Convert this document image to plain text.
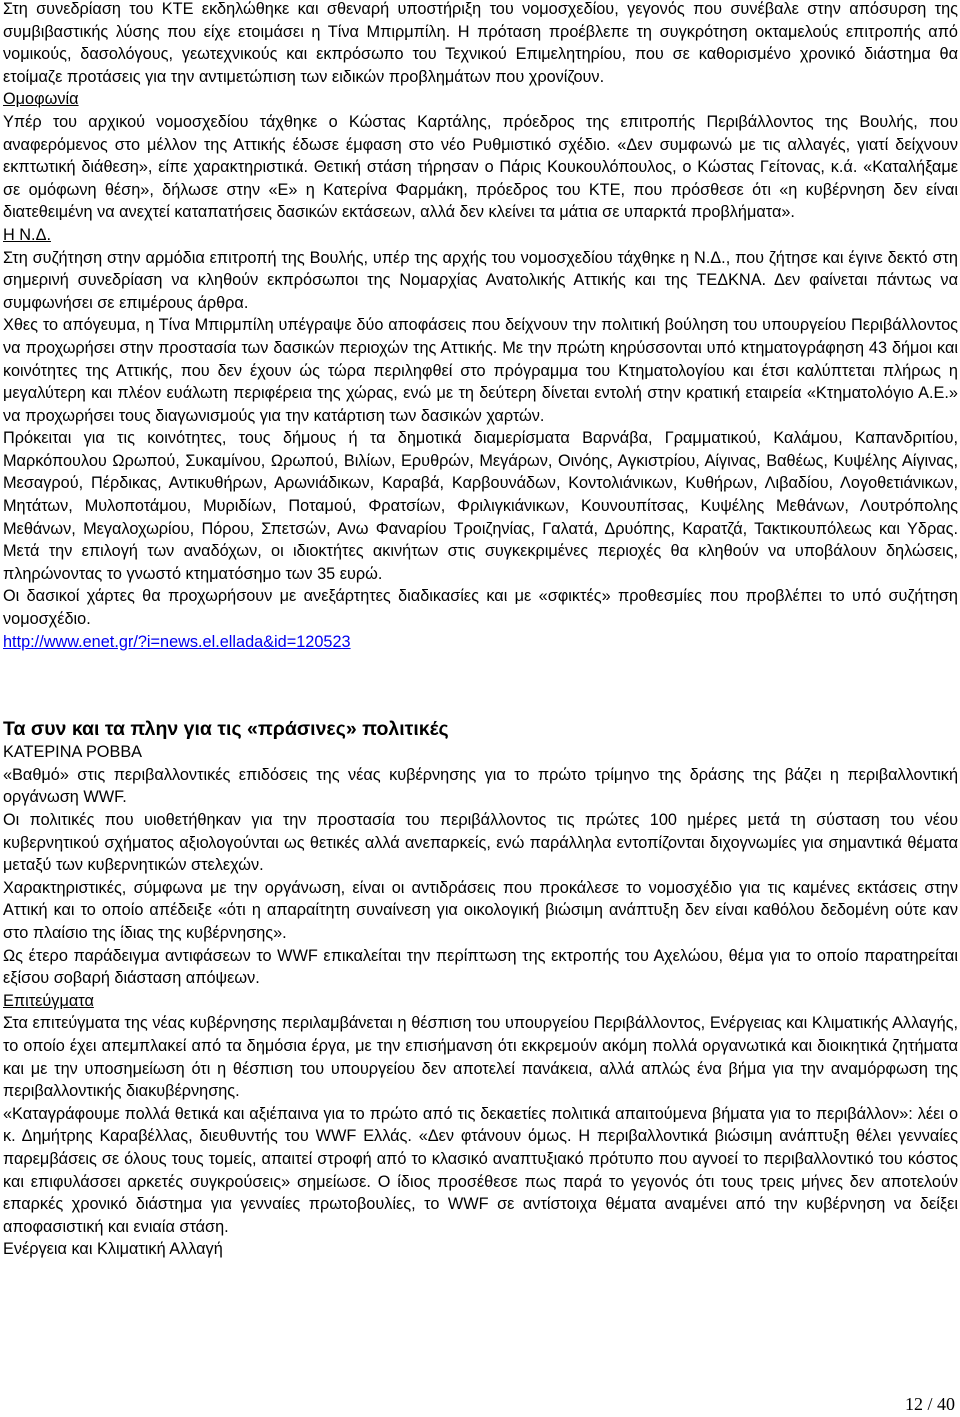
Στη συνεδρίαση του ΚΤΕ εκδηλώθηκε και σθεναρή υποστήριξη του νομοσχεδίου, γεγονός που συνέβαλε στην απόσυρση της συμβιβαστικής λύσης που είχε ετοιμάσει η Τίνα Μπιρμπίλη. Η πρόταση προέβλεπε τη συγκρότηση οκταμελούς επιτροπής από νομικούς, δασολόγους, γεωτεχνικούς και εκπρόσωπο του Τεχνικού Επιμελητηρίου, που σε καθορισμένο χρονικό διάστημα θα ετοίμαζε προτάσεις για την αντιμετώπιση των ειδικών προβλημάτων που χρονίζουν.

Ομοφωνία

Υπέρ του αρχικού νομοσχεδίου τάχθηκε ο Κώστας Καρτάλης, πρόεδρος της επιτροπής Περιβάλλοντος της Βουλής, που αναφερόμενος στο μέλλον της Αττικής έδωσε έμφαση στο νέο Ρυθμιστικό σχέδιο. «Δεν συμφωνώ με τις αλλαγές, γιατί δείχνουν εκπτωτική διάθεση», είπε χαρακτηριστικά. Θετική στάση τήρησαν ο Πάρις Κουκουλόπουλος, ο Κώστας Γείτονας, κ.ά. «Καταλήξαμε σε ομόφωνη θέση», δήλωσε στην «Ε» η Κατερίνα Φαρμάκη, πρόεδρος του ΚΤΕ, που πρόσθεσε ότι «η κυβέρνηση δεν είναι διατεθειμένη να ανεχτεί καταπατήσεις δασικών εκτάσεων, αλλά δεν κλείνει τα μάτια σε υπαρκτά προβλήματα».

Η Ν.Δ.

Στη συζήτηση στην αρμόδια επιτροπή της Βουλής, υπέρ της αρχής του νομοσχεδίου τάχθηκε η Ν.Δ., που ζήτησε και έγινε δεκτό στη σημερινή συνεδρίαση να κληθούν εκπρόσωποι της Νομαρχίας Ανατολικής Αττικής και της ΤΕΔΚΝΑ. Δεν φαίνεται πάντως να συμφωνήσει σε επιμέρους άρθρα.

Χθες το απόγευμα, η Τίνα Μπιρμπίλη υπέγραψε δύο αποφάσεις που δείχνουν την πολιτική βούληση του υπουργείου Περιβάλλοντος να προχωρήσει στην προστασία των δασικών περιοχών της Αττικής. Με την πρώτη κηρύσσονται υπό κτηματογράφηση 43 δήμοι και κοινότητες της Αττικής, που δεν έχουν ώς τώρα περιληφθεί στο πρόγραμμα του Κτηματολογίου και έτσι καλύπτεται πλήρως η μεγαλύτερη και πλέον ευάλωτη περιφέρεια της χώρας, ενώ με τη δεύτερη δίνεται εντολή στην κρατική εταιρεία «Κτηματολόγιο Α.Ε.» να προχωρήσει τους διαγωνισμούς για την κατάρτιση των δασικών χαρτών.

Πρόκειται για τις κοινότητες, τους δήμους ή τα δημοτικά διαμερίσματα Βαρνάβα, Γραμματικού, Καλάμου, Καπανδριτίου, Μαρκόπουλου Ωρωπού, Συκαμίνου, Ωρωπού, Βιλίων, Ερυθρών, Μεγάρων, Οινόης, Αγκιστρίου, Αίγινας, Βαθέως, Κυψέλης Αίγινας, Μεσαγρού, Πέρδικας, Αντικυθήρων, Αρωνιάδικων, Καραβά, Καρβουνάδων, Κοντολιάνικων, Κυθήρων, Λιβαδίου, Λογοθετιάνικων, Μητάτων, Μυλοποτάμου, Μυριδίων, Ποταμού, Φρατσίων, Φριλιγκιάνικων, Κουνουπίτσας, Κυψέλης Μεθάνων, Λουτρόπολης Μεθάνων, Μεγαλοχωρίου, Πόρου, Σπετσών, Ανω Φαναρίου Τροιζηνίας, Γαλατά, Δρυόπης, Καρατζά, Τακτικουπόλεως και Υδρας. Μετά την επιλογή των αναδόχων, οι ιδιοκτήτες ακινήτων στις συγκεκριμένες περιοχές θα κληθούν να υποβάλουν δηλώσεις, πληρώνοντας το γνωστό κτηματόσημο των 35 ευρώ.

Οι δασικοί χάρτες θα προχωρήσουν με ανεξάρτητες διαδικασίες και με «σφικτές» προθεσμίες που προβλέπει το υπό συζήτηση νομοσχέδιο.

http://www.enet.gr/?i=news.el.ellada&id=120523

Τα συν και τα πλην για τις «πράσινες» πολιτικές

ΚΑΤΕΡΙΝΑ ΡΟΒΒΑ

«Βαθμό» στις περιβαλλοντικές επιδόσεις της νέας κυβέρνησης για το πρώτο τρίμηνο της δράσης της βάζει η περιβαλλοντική οργάνωση WWF.

Οι πολιτικές που υιοθετήθηκαν για την προστασία του περιβάλλοντος τις πρώτες 100 ημέρες μετά τη σύσταση του νέου κυβερνητικού σχήματος αξιολογούνται ως θετικές αλλά ανεπαρκείς, ενώ παράλληλα εντοπίζονται διχογνωμίες για σημαντικά θέματα μεταξύ των κυβερνητικών στελεχών.

Χαρακτηριστικές, σύμφωνα με την οργάνωση, είναι οι αντιδράσεις που προκάλεσε το νομοσχέδιο για τις καμένες εκτάσεις στην Αττική και το οποίο απέδειξε «ότι η απαραίτητη συναίνεση για οικολογική βιώσιμη ανάπτυξη δεν είναι καθόλου δεδομένη ούτε καν στο πλαίσιο της ίδιας της κυβέρνησης».

Ως έτερο παράδειγμα αντιφάσεων το WWF επικαλείται την περίπτωση της εκτροπής του Αχελώου, θέμα για το οποίο παρατηρείται εξίσου σοβαρή διάσταση απόψεων.

Επιτεύγματα

Στα επιτεύγματα της νέας κυβέρνησης περιλαμβάνεται η θέσπιση του υπουργείου Περιβάλλοντος, Ενέργειας και Κλιματικής Αλλαγής, το οποίο έχει απεμπλακεί από τα δημόσια έργα, με την επισήμανση ότι εκκρεμούν ακόμη πολλά οργανωτικά και διοικητικά ζητήματα και με την υποσημείωση ότι η θέσπιση του υπουργείου δεν αποτελεί πανάκεια, αλλά απλώς ένα βήμα για την αναμόρφωση της περιβαλλοντικής διακυβέρνησης.

«Καταγράφουμε πολλά θετικά και αξιέπαινα για το πρώτο από τις δεκαετίες πολιτικά απαιτούμενα βήματα για το περιβάλλον»: λέει ο κ. Δημήτρης Καραβέλλας, διευθυντής του WWF Ελλάς. «Δεν φτάνουν όμως. Η περιβαλλοντικά βιώσιμη ανάπτυξη θέλει γενναίες παρεμβάσεις σε όλους τους τομείς, απαιτεί στροφή από το κλασικό αναπτυξιακό πρότυπο που αγνοεί το περιβαλλοντικό του κόστος και επιφυλάσσει αρκετές συγκρούσεις» σημείωσε. Ο ίδιος προσέθεσε πως παρά το γεγονός ότι τους τρεις μήνες δεν αποτελούν επαρκές χρονικό διάστημα για γενναίες πρωτοβουλίες, το WWF σε αντίστοιχα θέματα αναμένει από την κυβέρνηση να δείξει αποφασιστική και ενιαία στάση.

Ενέργεια και Κλιματική Αλλαγή

12 / 40
